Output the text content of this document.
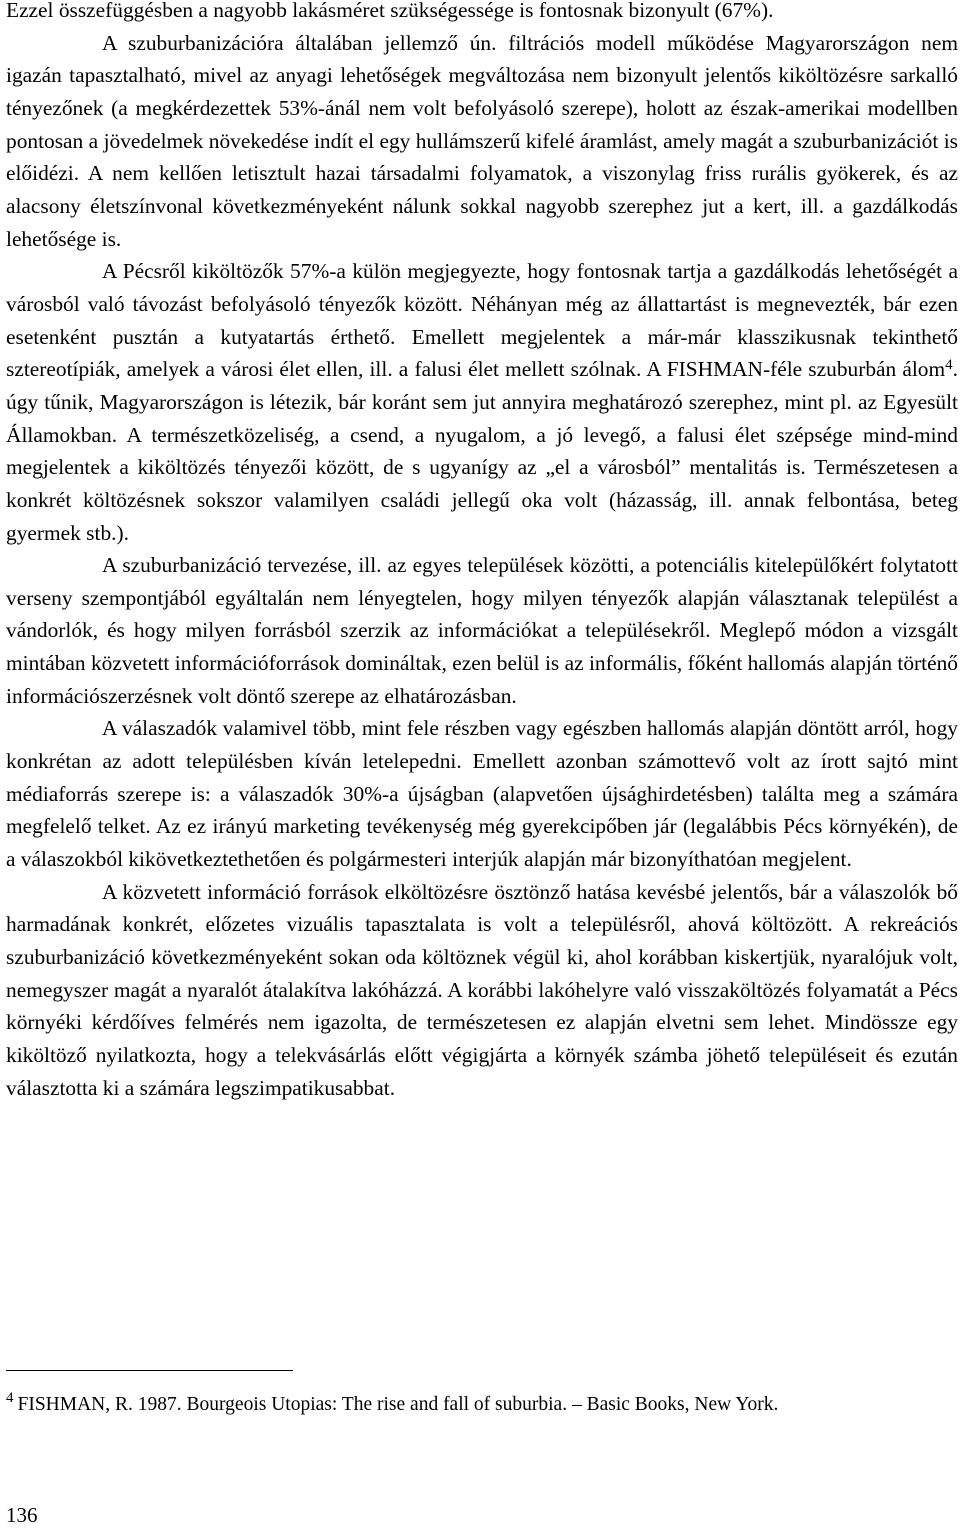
Ezzel összefüggésben a nagyobb lakásméret szükségessége is fontosnak bizonyult (67%).

A szuburbanizációra általában jellemző ún. filtrációs modell működése Magyarországon nem igazán tapasztalható, mivel az anyagi lehetőségek megváltozása nem bizonyult jelentős kiköltözésre sarkalló tényezőnek (a megkérdezettek 53%-ánál nem volt befolyásoló szerepe), holott az észak-amerikai modellben pontosan a jövedelmek növekedése indít el egy hullámszerű kifelé áramlást, amely magát a szuburbanizációt is előidézi. A nem kellően letisztult hazai társadalmi folyamatok, a viszonylag friss rurális gyökerek, és az alacsony életszínvonal következményeként nálunk sokkal nagyobb szerephez jut a kert, ill. a gazdálkodás lehetősége is.

A Pécsről kiköltözők 57%-a külön megjegyezte, hogy fontosnak tartja a gazdálkodás lehetőségét a városból való távozást befolyásoló tényezők között. Néhányan még az állattartást is megnevezték, bár ezen esetenként pusztán a kutyatartás érthető. Emellett megjelentek a már-már klasszikusnak tekinthető sztereotípiák, amelyek a városi élet ellen, ill. a falusi élet mellett szólnak. A FISHMAN-féle szuburbán álom$^4$. úgy tűnik, Magyarországon is létezik, bár koránt sem jut annyira meghatározó szerephez, mint pl. az Egyesült Államokban. A természetközeliség, a csend, a nyugalom, a jó levegő, a falusi élet szépsége mind-mind megjelentek a kiköltözés tényezői között, de s ugyanígy az „el a városból” mentalitás is. Természetesen a konkrét költözésnek sokszor valamilyen családi jellegű oka volt (házasság, ill. annak felbontása, beteg gyermek stb.).

A szuburbanizáció tervezése, ill. az egyes települések közötti, a potenciális kitelepülőkért folytatott verseny szempontjából egyáltalán nem lényegtelen, hogy milyen tényezők alapján választanak települést a vándorlók, és hogy milyen forrásból szerzik az információkat a településekről. Meglepő módon a vizsgált mintában közvetett információforrások domináltak, ezen belül is az informális, főként hallomás alapján történő információszerzésnek volt döntő szerepe az elhatározásban.

A válaszadók valamivel több, mint fele részben vagy egészben hallomás alapján döntött arról, hogy konkrétan az adott településben kíván letelepedni. Emellett azonban számottevő volt az írott sajtó mint médiaforrás szerepe is: a válaszadók 30%-a újságban (alapvetően újsághirdetésben) találta meg a számára megfelelő telket. Az ez irányú marketing tevékenység még gyerekcipőben jár (legalábbis Pécs környékén), de a válaszokból kikövetkeztethetően és polgármesteri interjúk alapján már bizonyíthatóan megjelent.

A közvetett információ források elköltözésre ösztönző hatása kevésbé jelentős, bár a válaszolók bő harmadának konkrét, előzetes vizuális tapasztalata is volt a településről, ahová költözött. A rekreációs szuburbanizáció következményeként sokan oda költöznek végül ki, ahol korábban kiskertjük, nyaralójuk volt, nemegyszer magát a nyaralót átalakítva lakóházzá. A korábbi lakóhelyre való visszaköltözés folyamatát a Pécs környéki kérdőíves felmérés nem igazolta, de természetesen ez alapján elvetni sem lehet. Mindössze egy kiköltöző nyilatkozta, hogy a telekvásárlás előtt végigjárta a környék számba jöhető településeit és ezután választotta ki a számára legszimpatikusabbat.

$^4$ FISHMAN, R. 1987. Bourgeois Utopias: The rise and fall of suburbia. – Basic Books, New York.
136
